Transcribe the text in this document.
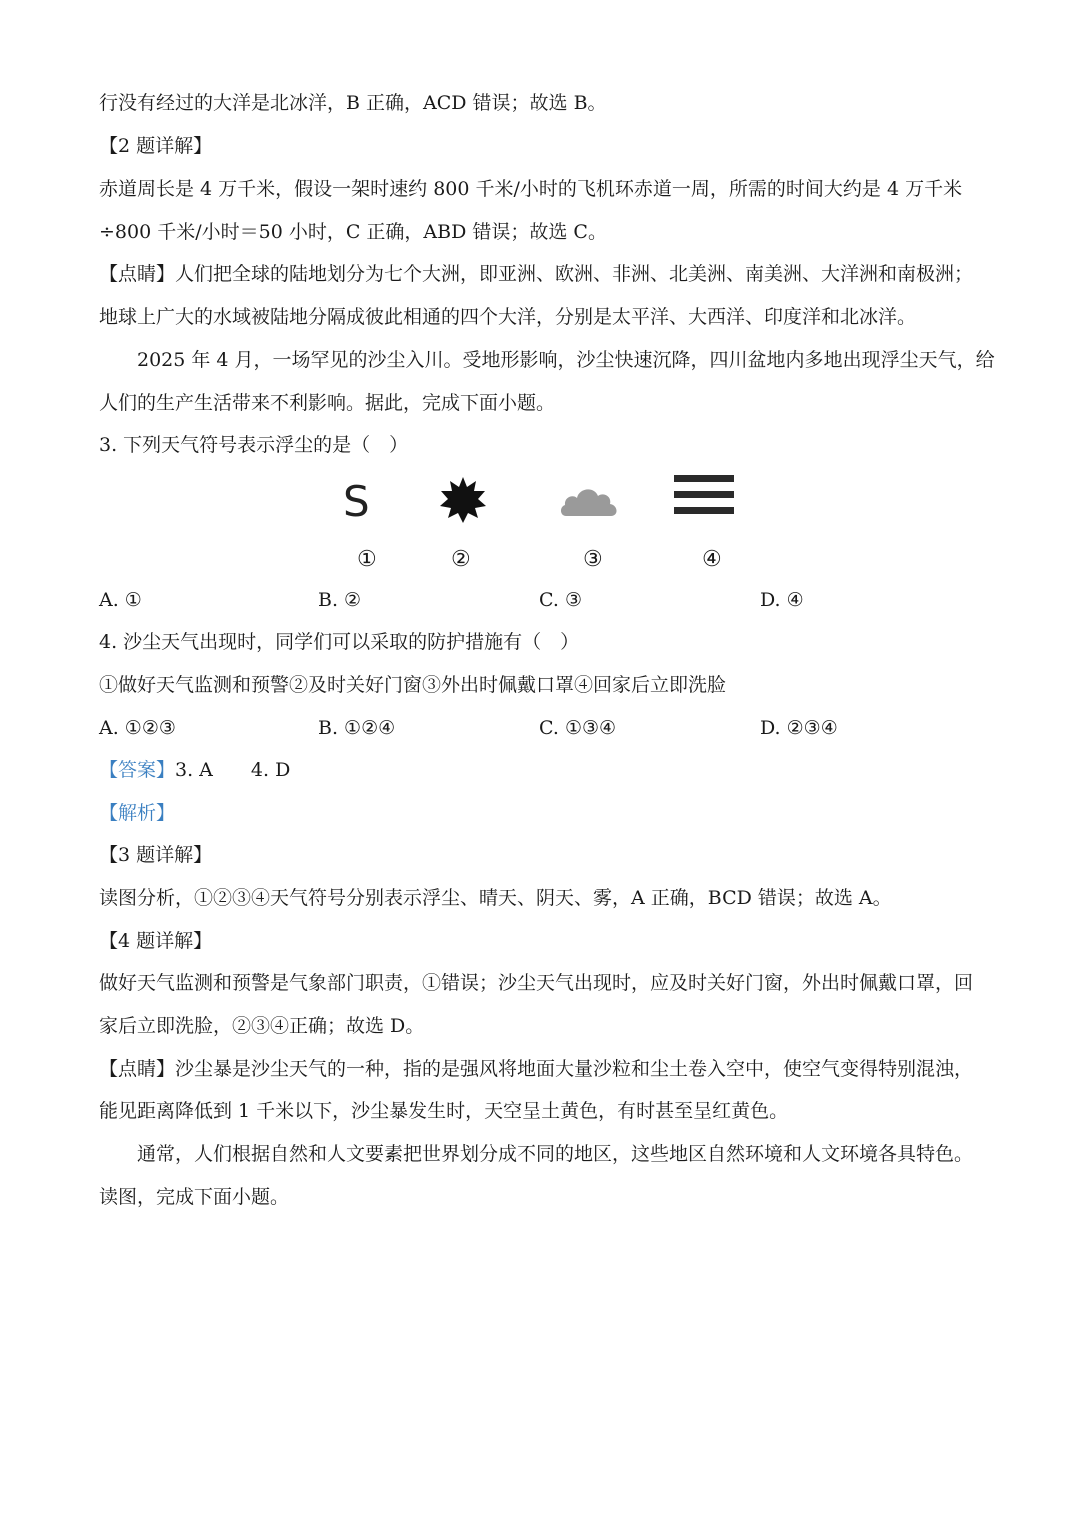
行没有经过的大洋是北冰洋，B 正确，ACD 错误；故选 B。
【2 题详解】
赤道周长是 4 万千米，假设一架时速约 800 千米/小时的飞机环赤道一周，所需的时间大约是 4 万千米
÷800 千米/小时＝50 小时，C 正确，ABD 错误；故选 C。
【点睛】人们把全球的陆地划分为七个大洲，即亚洲、欧洲、非洲、北美洲、南美洲、大洋洲和南极洲；
地球上广大的水域被陆地分隔成彼此相通的四个大洋，分别是太平洋、大西洋、印度洋和北冰洋。
2025 年 4 月，一场罕见的沙尘入川。受地形影响，沙尘快速沉降，四川盆地内多地出现浮尘天气，给
人们的生产生活带来不利影响。据此，完成下面小题。
3. 下列天气符号表示浮尘的是（　）
S
①	②	③	④
A. ①	B. ②	C. ③	D. ④
4. 沙尘天气出现时，同学们可以采取的防护措施有（　）
①做好天气监测和预警②及时关好门窗③外出时佩戴口罩④回家后立即洗脸
A. ①②③	B. ①②④	C. ①③④	D. ②③④
【答案】3. A　　4. D
【解析】
【3 题详解】
读图分析，①②③④天气符号分别表示浮尘、晴天、阴天、雾，A 正确，BCD 错误；故选 A。
【4 题详解】
做好天气监测和预警是气象部门职责，①错误；沙尘天气出现时，应及时关好门窗，外出时佩戴口罩，回
家后立即洗脸，②③④正确；故选 D。
【点睛】沙尘暴是沙尘天气的一种，指的是强风将地面大量沙粒和尘土卷入空中，使空气变得特别混浊，
能见距离降低到 1 千米以下，沙尘暴发生时，天空呈土黄色，有时甚至呈红黄色。
通常，人们根据自然和人文要素把世界划分成不同的地区，这些地区自然环境和人文环境各具特色。
读图，完成下面小题。
